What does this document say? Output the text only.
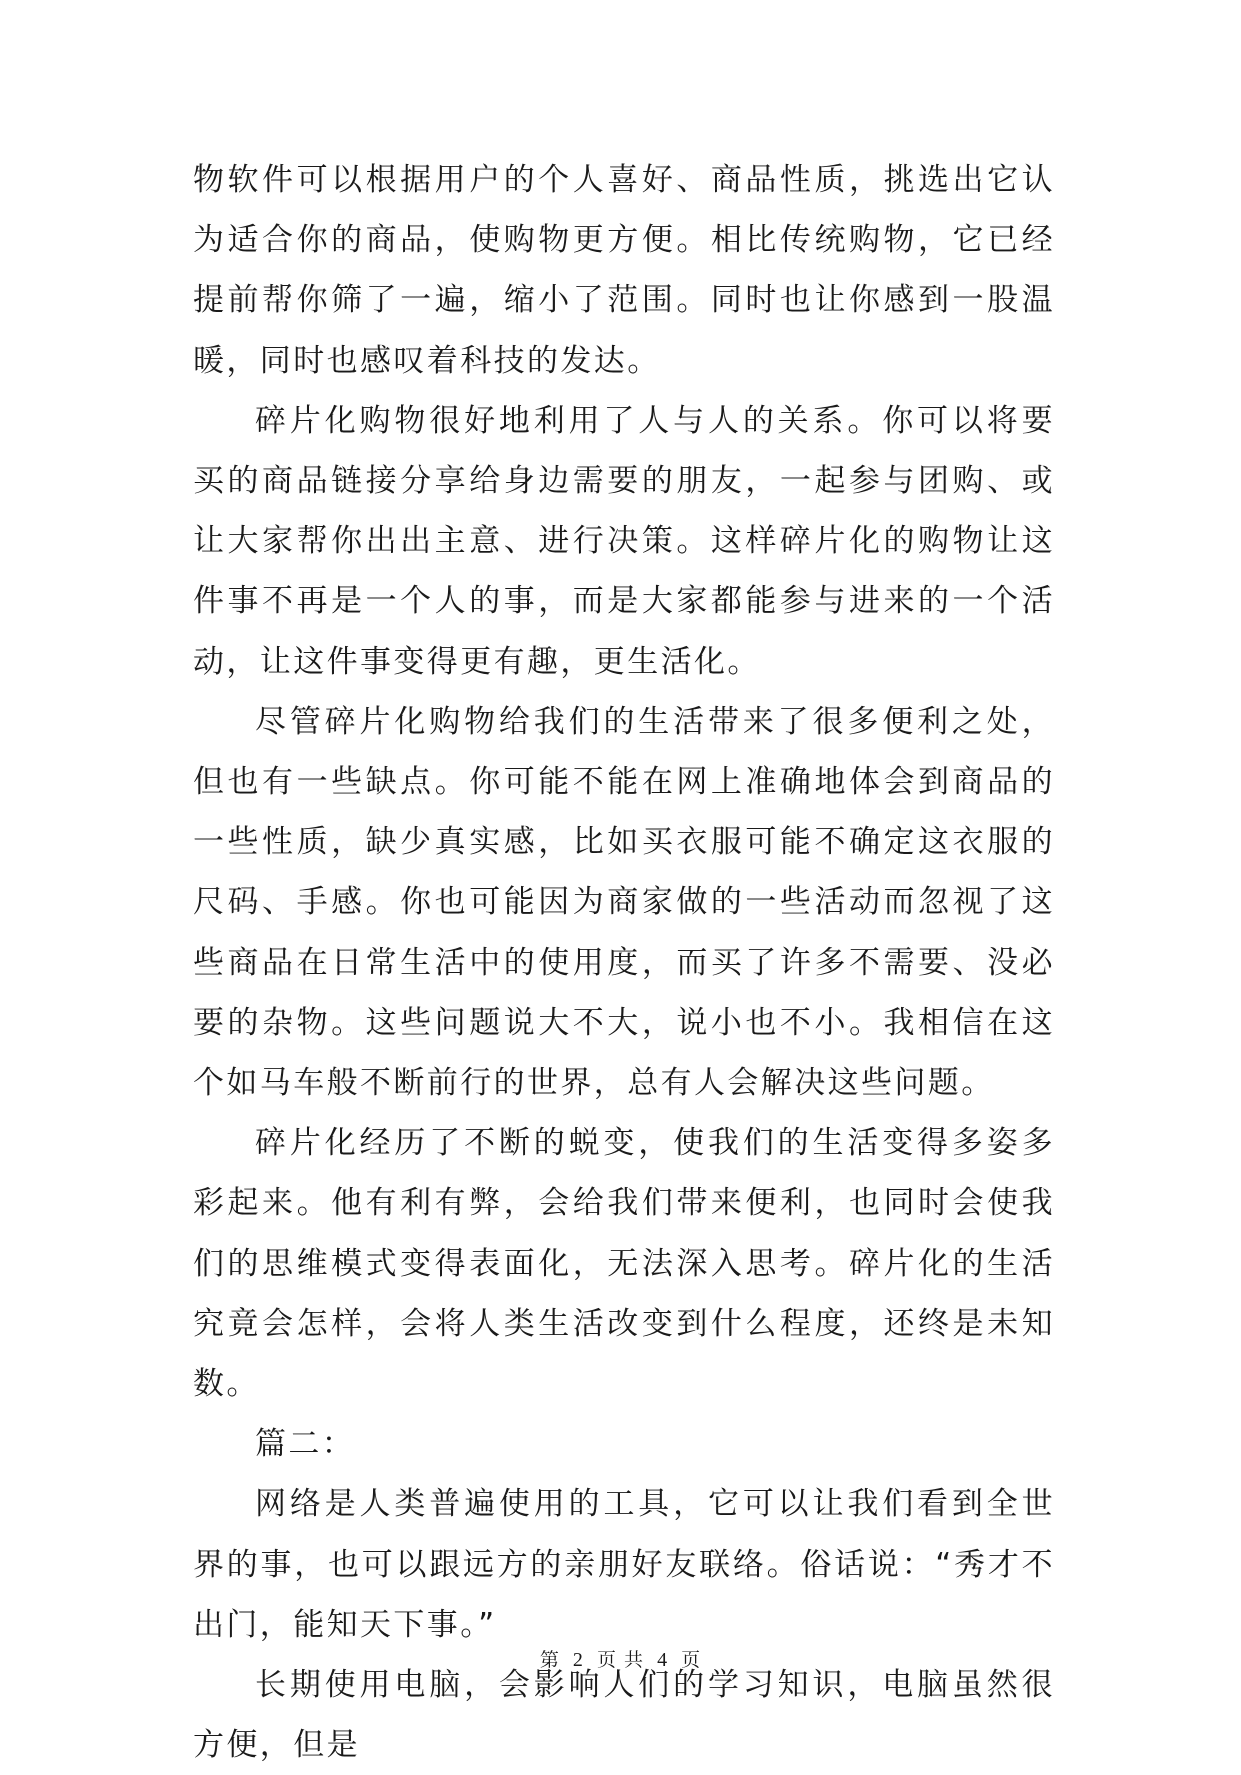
物软件可以根据用户的个人喜好、商品性质，挑选出它认为适合你的商品，使购物更方便。相比传统购物，它已经提前帮你筛了一遍，缩小了范围。同时也让你感到一股温暖，同时也感叹着科技的发达。

碎片化购物很好地利用了人与人的关系。你可以将要买的商品链接分享给身边需要的朋友，一起参与团购、或让大家帮你出出主意、进行决策。这样碎片化的购物让这件事不再是一个人的事，而是大家都能参与进来的一个活动，让这件事变得更有趣，更生活化。

尽管碎片化购物给我们的生活带来了很多便利之处，但也有一些缺点。你可能不能在网上准确地体会到商品的一些性质，缺少真实感，比如买衣服可能不确定这衣服的尺码、手感。你也可能因为商家做的一些活动而忽视了这些商品在日常生活中的使用度，而买了许多不需要、没必要的杂物。这些问题说大不大，说小也不小。我相信在这个如马车般不断前行的世界，总有人会解决这些问题。

碎片化经历了不断的蜕变，使我们的生活变得多姿多彩起来。他有利有弊，会给我们带来便利，也同时会使我们的思维模式变得表面化，无法深入思考。碎片化的生活究竟会怎样，会将人类生活改变到什么程度，还终是未知数。

篇二：

网络是人类普遍使用的工具，它可以让我们看到全世界的事，也可以跟远方的亲朋好友联络。俗话说：“秀才不出门，能知天下事。”

长期使用电脑，会影响人们的学习知识，电脑虽然很方便，但是

第 2 页 共 4 页
